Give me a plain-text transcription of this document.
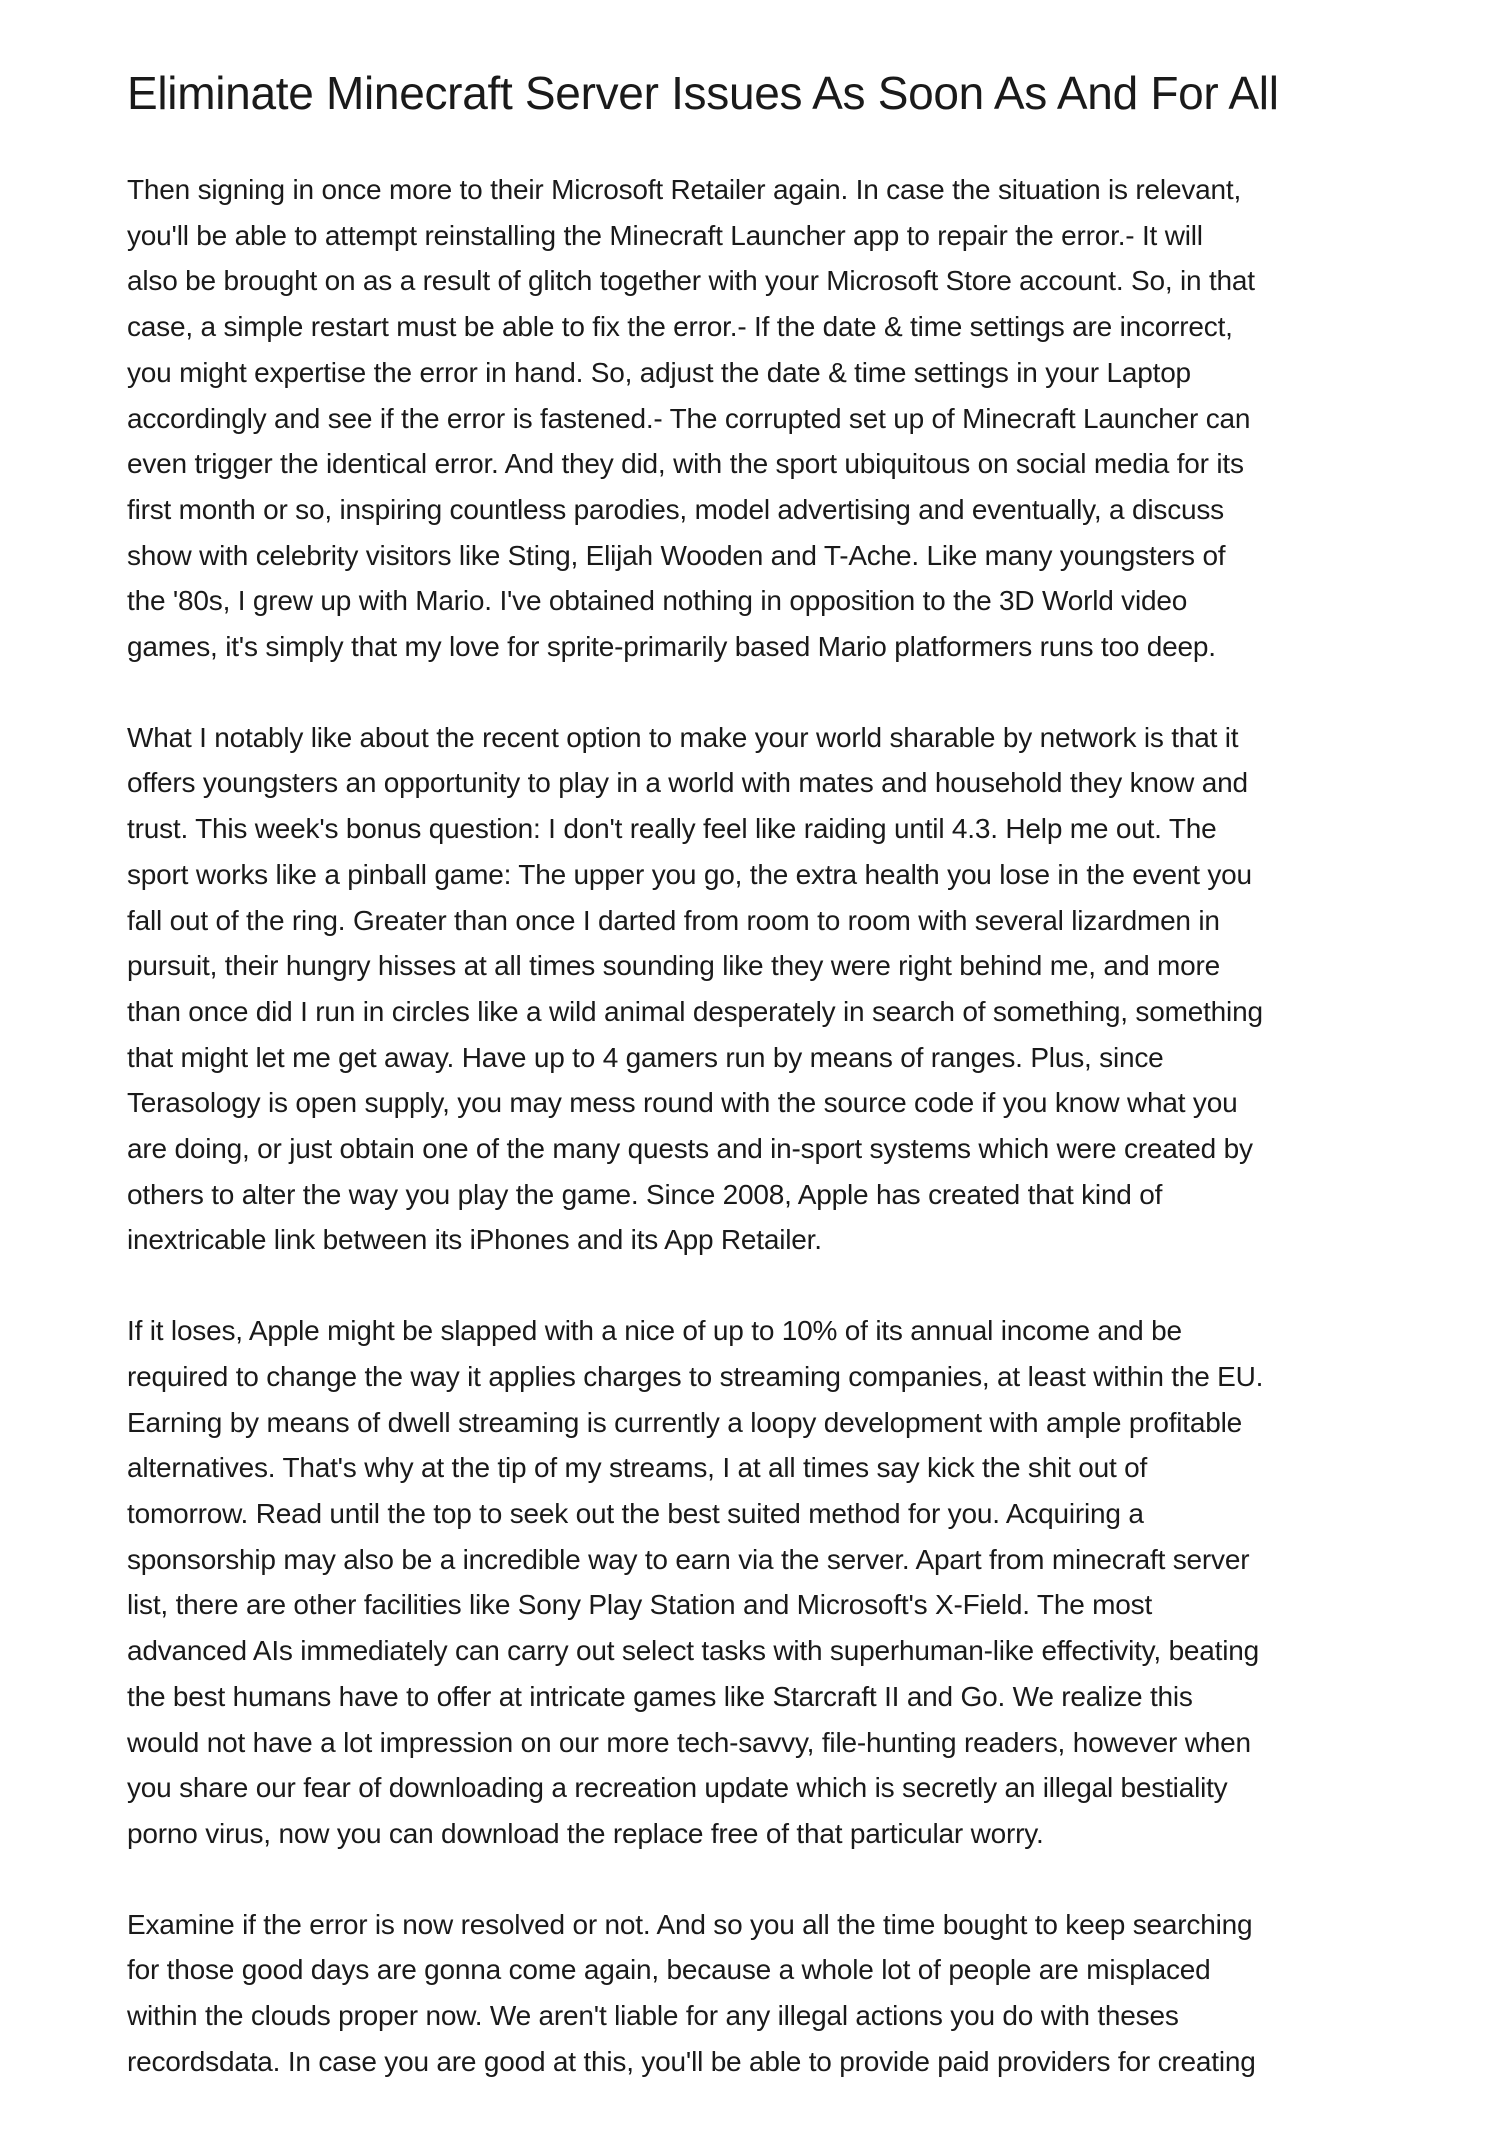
Eliminate Minecraft Server Issues As Soon As And For All

Then signing in once more to their Microsoft Retailer again. In case the situation is relevant,
you'll be able to attempt reinstalling the Minecraft Launcher app to repair the error.- It will
also be brought on as a result of glitch together with your Microsoft Store account. So, in that
case, a simple restart must be able to fix the error.- If the date & time settings are incorrect,
you might expertise the error in hand. So, adjust the date & time settings in your Laptop
accordingly and see if the error is fastened.- The corrupted set up of Minecraft Launcher can
even trigger the identical error. And they did, with the sport ubiquitous on social media for its
first month or so, inspiring countless parodies, model advertising and eventually, a discuss
show with celebrity visitors like Sting, Elijah Wooden and T-Ache. Like many youngsters of
the '80s, I grew up with Mario. I've obtained nothing in opposition to the 3D World video
games, it's simply that my love for sprite-primarily based Mario platformers runs too deep.

What I notably like about the recent option to make your world sharable by network is that it
offers youngsters an opportunity to play in a world with mates and household they know and
trust. This week's bonus question: I don't really feel like raiding until 4.3. Help me out. The
sport works like a pinball game: The upper you go, the extra health you lose in the event you
fall out of the ring. Greater than once I darted from room to room with several lizardmen in
pursuit, their hungry hisses at all times sounding like they were right behind me, and more
than once did I run in circles like a wild animal desperately in search of something, something
that might let me get away. Have up to 4 gamers run by means of ranges. Plus, since
Terasology is open supply, you may mess round with the source code if you know what you
are doing, or just obtain one of the many quests and in-sport systems which were created by
others to alter the way you play the game. Since 2008, Apple has created that kind of
inextricable link between its iPhones and its App Retailer.

If it loses, Apple might be slapped with a nice of up to 10% of its annual income and be
required to change the way it applies charges to streaming companies, at least within the EU.
Earning by means of dwell streaming is currently a loopy development with ample profitable
alternatives. That's why at the tip of my streams, I at all times say kick the shit out of
tomorrow. Read until the top to seek out the best suited method for you. Acquiring a
sponsorship may also be a incredible way to earn via the server. Apart from minecraft server
list, there are other facilities like Sony Play Station and Microsoft's X-Field. The most
advanced AIs immediately can carry out select tasks with superhuman-like effectivity, beating
the best humans have to offer at intricate games like Starcraft II and Go. We realize this
would not have a lot impression on our more tech-savvy, file-hunting readers, however when
you share our fear of downloading a recreation update which is secretly an illegal bestiality
porno virus, now you can download the replace free of that particular worry.

Examine if the error is now resolved or not. And so you all the time bought to keep searching
for those good days are gonna come again, because a whole lot of people are misplaced
within the clouds proper now. We aren't liable for any illegal actions you do with theses
recordsdata. In case you are good at this, you'll be able to provide paid providers for creating
